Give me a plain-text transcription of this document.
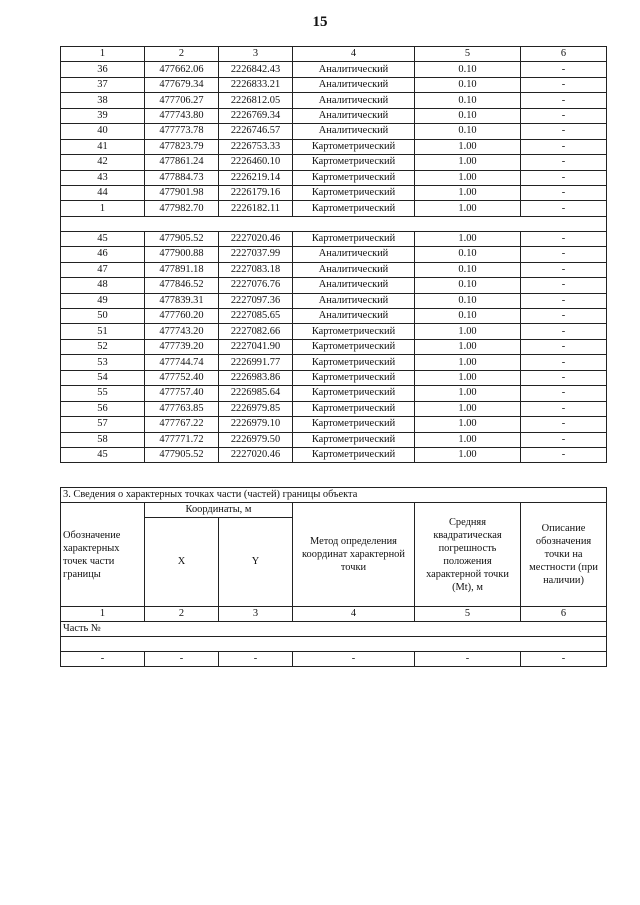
15
1	2	3	4	5	6
36	477662.06	2226842.43	Аналитический	0.10	-
37	477679.34	2226833.21	Аналитический	0.10	-
38	477706.27	2226812.05	Аналитический	0.10	-
39	477743.80	2226769.34	Аналитический	0.10	-
40	477773.78	2226746.57	Аналитический	0.10	-
41	477823.79	2226753.33	Картометрический	1.00	-
42	477861.24	2226460.10	Картометрический	1.00	-
43	477884.73	2226219.14	Картометрический	1.00	-
44	477901.98	2226179.16	Картометрический	1.00	-
1	477982.70	2226182.11	Картометрический	1.00	-

45	477905.52	2227020.46	Картометрический	1.00	-
46	477900.88	2227037.99	Аналитический	0.10	-
47	477891.18	2227083.18	Аналитический	0.10	-
48	477846.52	2227076.76	Аналитический	0.10	-
49	477839.31	2227097.36	Аналитический	0.10	-
50	477760.20	2227085.65	Аналитический	0.10	-
51	477743.20	2227082.66	Картометрический	1.00	-
52	477739.20	2227041.90	Картометрический	1.00	-
53	477744.74	2226991.77	Картометрический	1.00	-
54	477752.40	2226983.86	Картометрический	1.00	-
55	477757.40	2226985.64	Картометрический	1.00	-
56	477763.85	2226979.85	Картометрический	1.00	-
57	477767.22	2226979.10	Картометрический	1.00	-
58	477771.72	2226979.50	Картометрический	1.00	-
45	477905.52	2227020.46	Картометрический	1.00	-
3. Сведения о характерных точках части (частей) границы объекта					
Обозначение характерных точек части границы	Координаты, м		Метод определения координат характерной точки	Средняя квадратическая погрешность положения характерной точки (Mt), м	Описание обозначения точки на местности (при наличии)
	X	Y			
1	2	3	4	5	6
Часть №					

-	-	-	-	-	-
